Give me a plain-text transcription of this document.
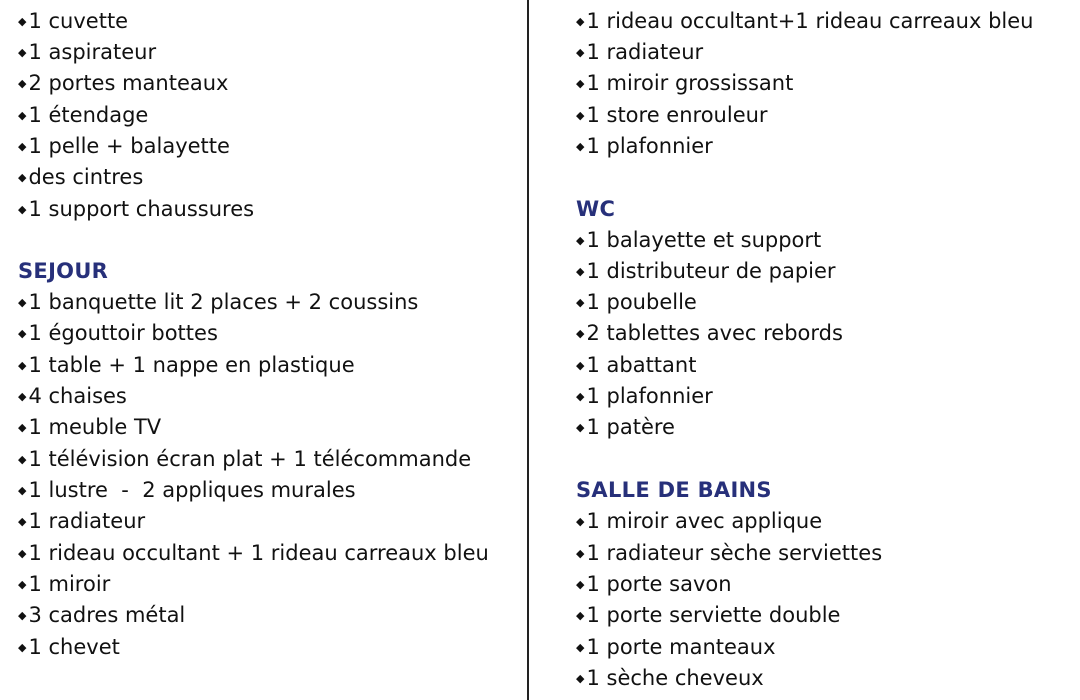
◆1 cuvette
◆1 aspirateur
◆2 portes manteaux
◆1 étendage
◆1 pelle + balayette
◆des cintres
◆1 support chaussures
SEJOUR
◆1 banquette lit 2 places + 2 coussins
◆1 égouttoir bottes
◆1 table + 1 nappe en plastique
◆4 chaises
◆1 meuble TV
◆1 télévision écran plat + 1 télécommande
◆1 lustre  -  2 appliques murales
◆1 radiateur
◆1 rideau occultant + 1 rideau carreaux bleu
◆1 miroir
◆3 cadres métal
◆1 chevet
◆1 rideau occultant+1 rideau carreaux bleu
◆1 radiateur
◆1 miroir grossissant
◆1 store enrouleur
◆1 plafonnier
WC
◆1 balayette et support
◆1 distributeur de papier
◆1 poubelle
◆2 tablettes avec rebords
◆1 abattant
◆1 plafonnier
◆1 patère
SALLE DE BAINS
◆1 miroir avec applique
◆1 radiateur sèche serviettes
◆1 porte savon
◆1 porte serviette double
◆1 porte manteaux
◆1 sèche cheveux
